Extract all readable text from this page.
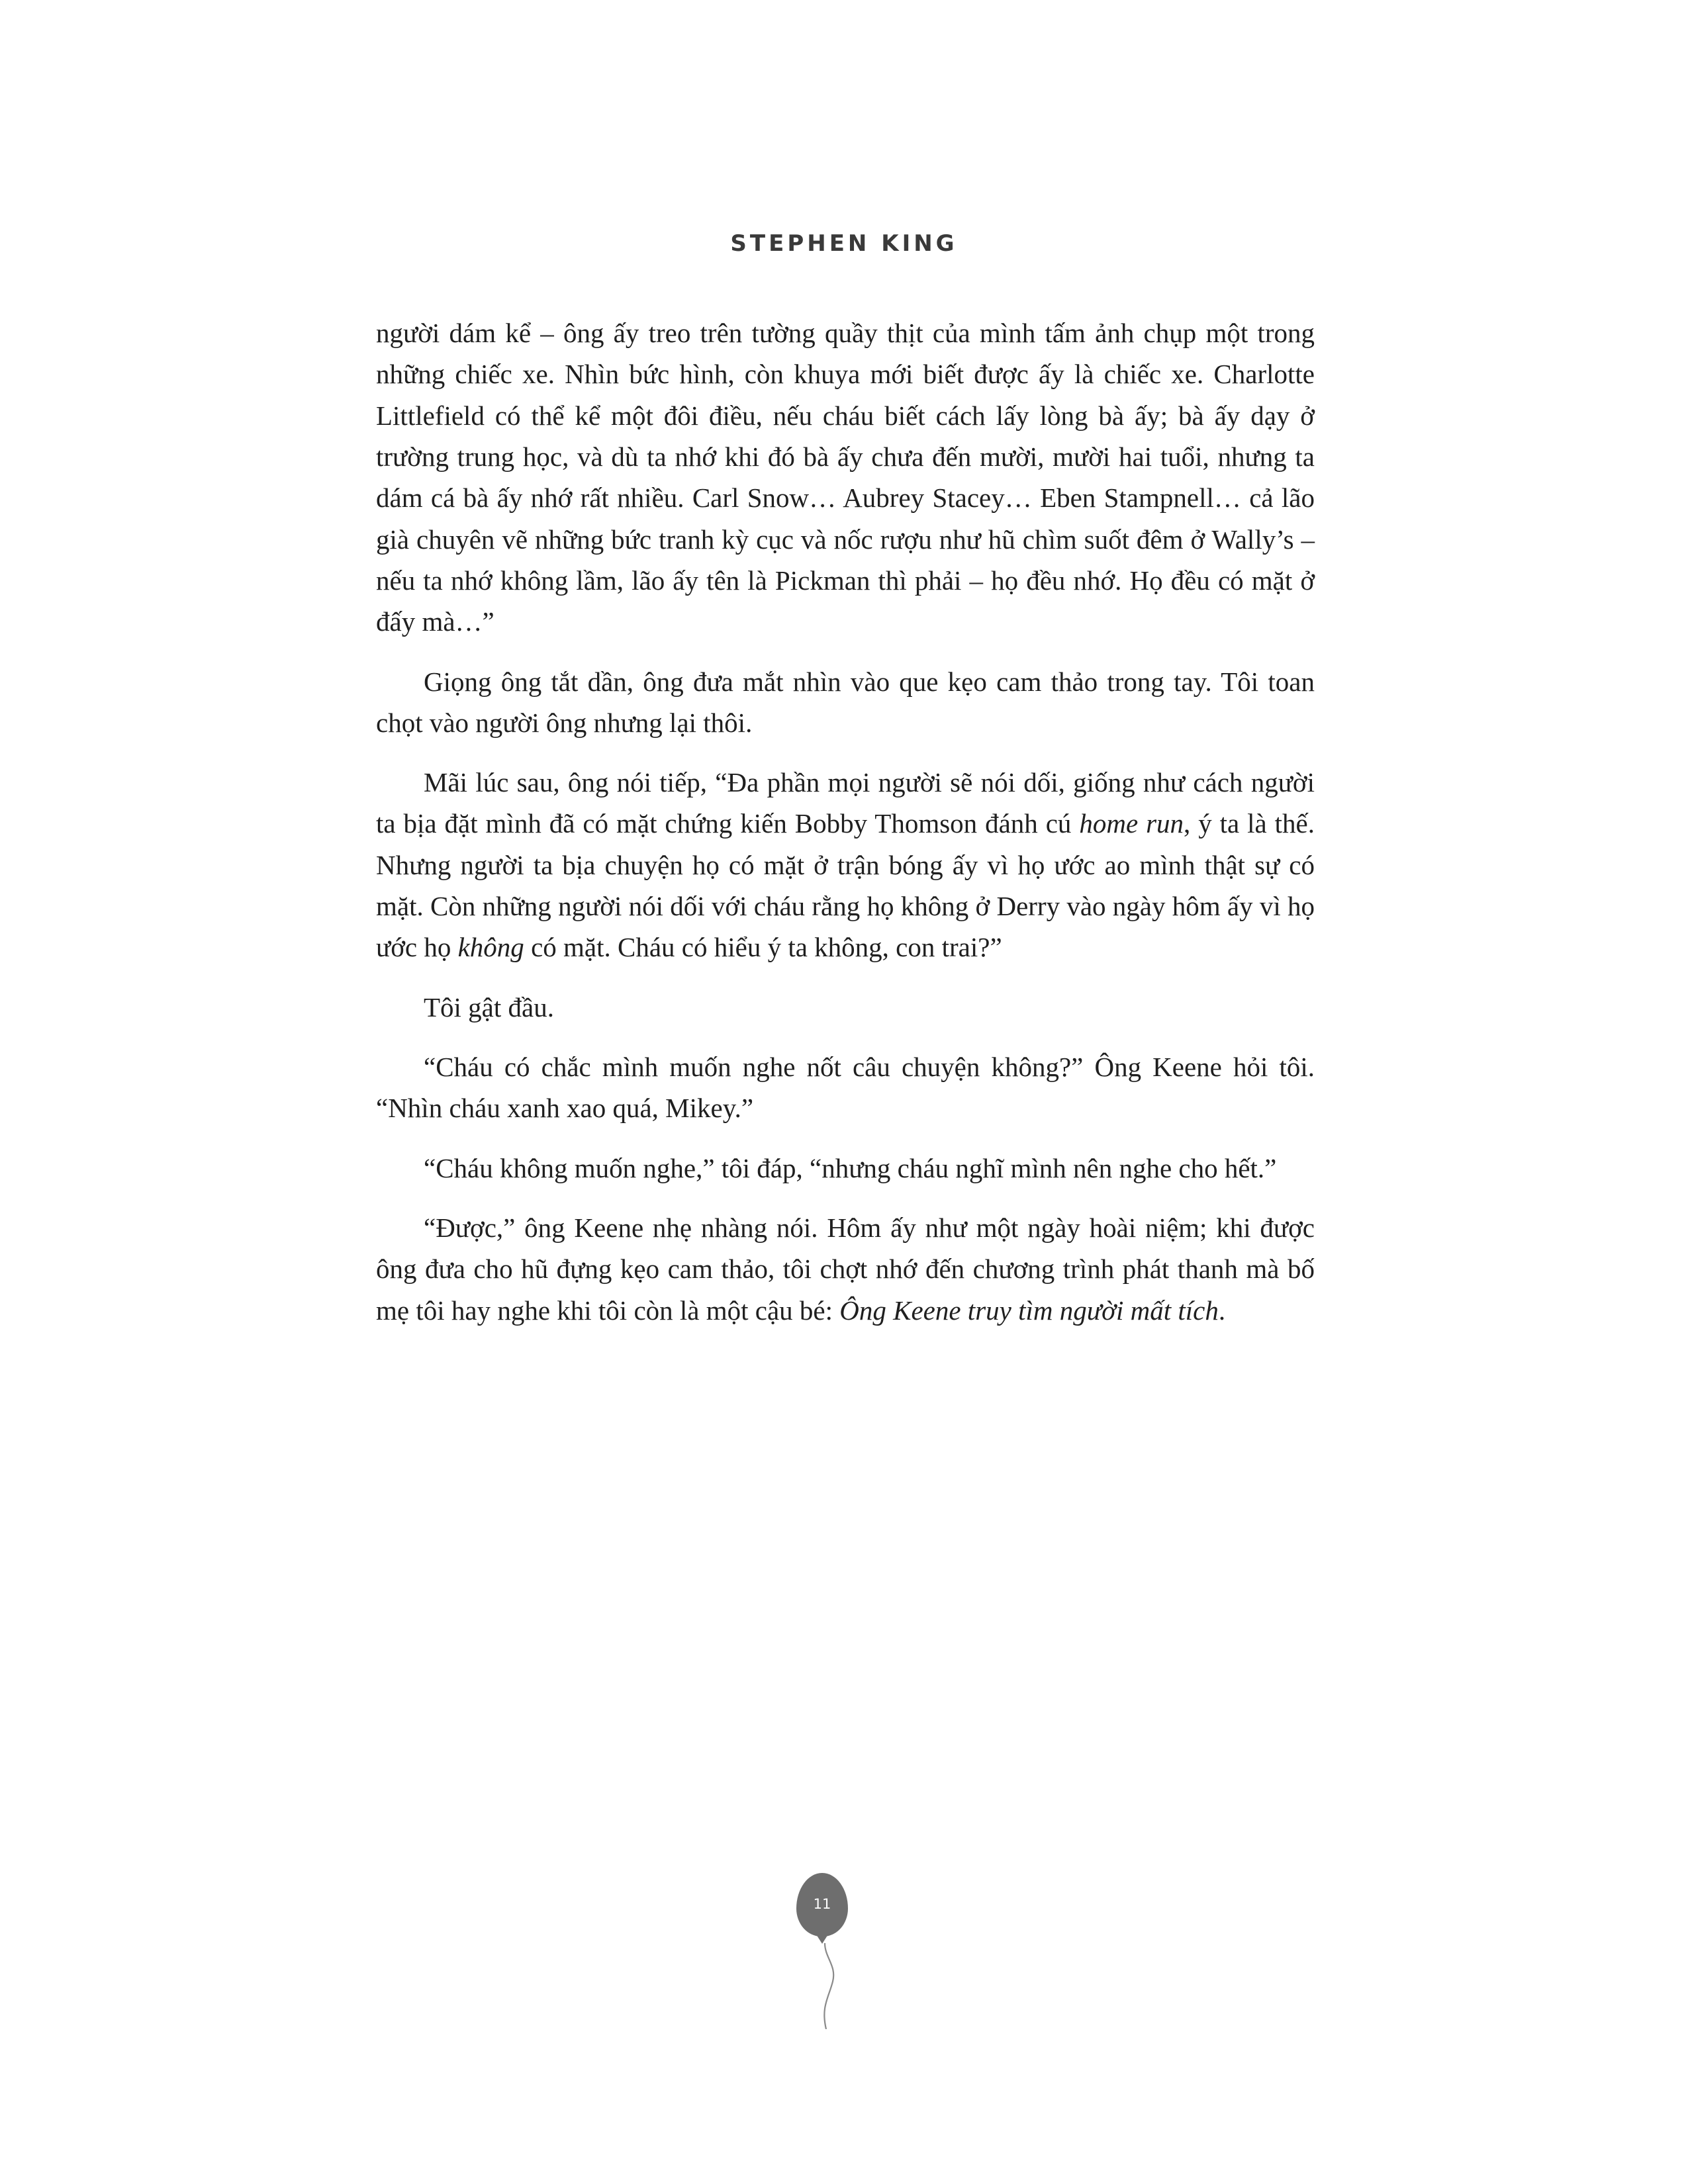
STEPHEN KING

người dám kể – ông ấy treo trên tường quầy thịt của mình tấm ảnh chụp một trong những chiếc xe. Nhìn bức hình, còn khuya mới biết được ấy là chiếc xe. Charlotte Littlefield có thể kể một đôi điều, nếu cháu biết cách lấy lòng bà ấy; bà ấy dạy ở trường trung học, và dù ta nhớ khi đó bà ấy chưa đến mười, mười hai tuổi, nhưng ta dám cá bà ấy nhớ rất nhiều. Carl Snow… Aubrey Stacey… Eben Stampnell… cả lão già chuyên vẽ những bức tranh kỳ cục và nốc rượu như hũ chìm suốt đêm ở Wally’s – nếu ta nhớ không lầm, lão ấy tên là Pickman thì phải – họ đều nhớ. Họ đều có mặt ở đấy mà…”

Giọng ông tắt dần, ông đưa mắt nhìn vào que kẹo cam thảo trong tay. Tôi toan chọt vào người ông nhưng lại thôi.

Mãi lúc sau, ông nói tiếp, “Đa phần mọi người sẽ nói dối, giống như cách người ta bịa đặt mình đã có mặt chứng kiến Bobby Thomson đánh cú home run, ý ta là thế. Nhưng người ta bịa chuyện họ có mặt ở trận bóng ấy vì họ ước ao mình thật sự có mặt. Còn những người nói dối với cháu rằng họ không ở Derry vào ngày hôm ấy vì họ ước họ không có mặt. Cháu có hiểu ý ta không, con trai?”

Tôi gật đầu.

“Cháu có chắc mình muốn nghe nốt câu chuyện không?” Ông Keene hỏi tôi. “Nhìn cháu xanh xao quá, Mikey.”

“Cháu không muốn nghe,” tôi đáp, “nhưng cháu nghĩ mình nên nghe cho hết.”

“Được,” ông Keene nhẹ nhàng nói. Hôm ấy như một ngày hoài niệm; khi được ông đưa cho hũ đựng kẹo cam thảo, tôi chợt nhớ đến chương trình phát thanh mà bố mẹ tôi hay nghe khi tôi còn là một cậu bé: Ông Keene truy tìm người mất tích.

11
